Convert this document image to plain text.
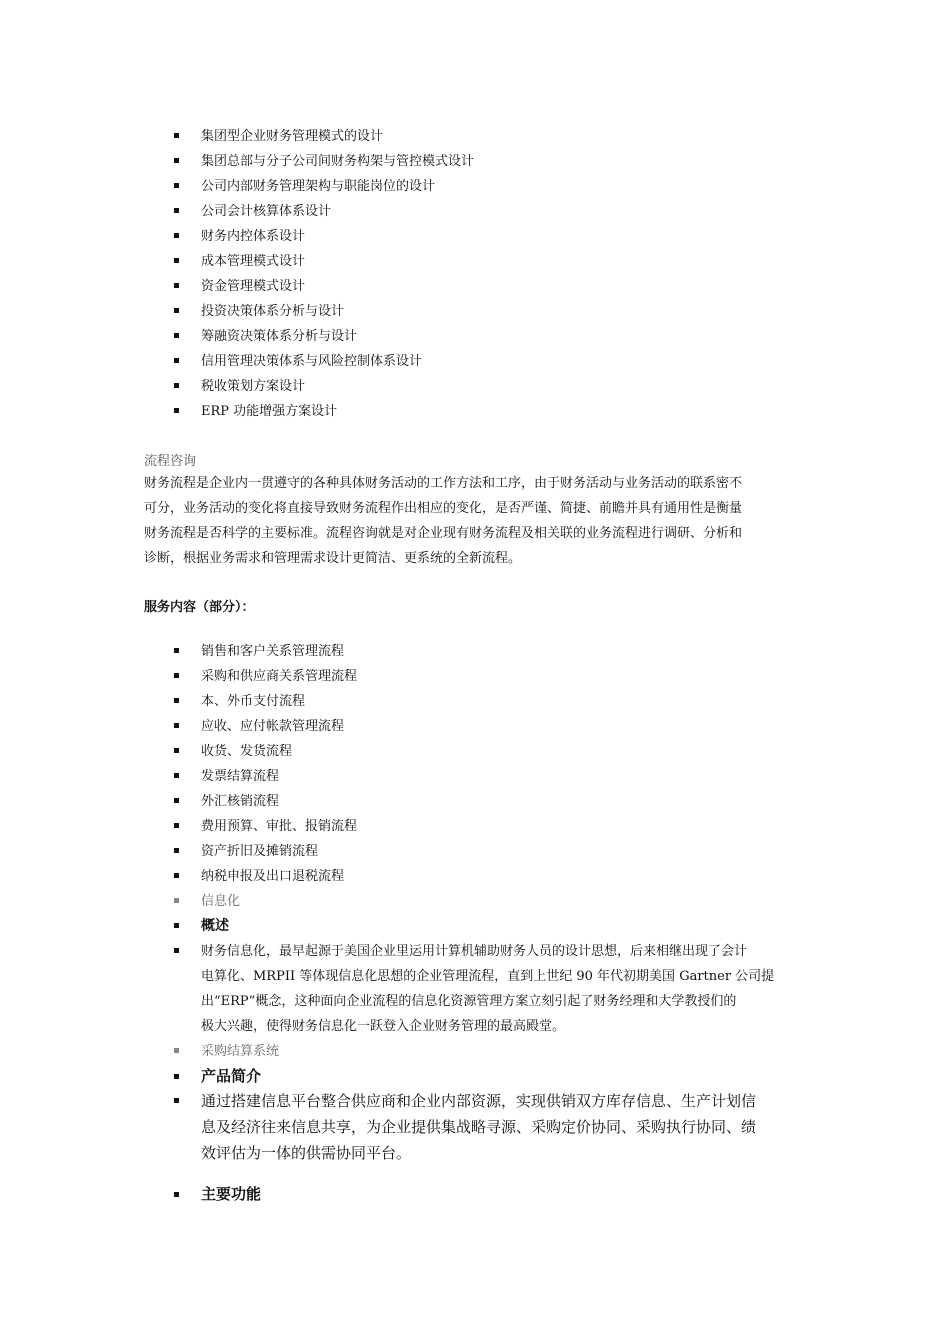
集团型企业财务管理模式的设计
集团总部与分子公司间财务构架与管控模式设计
公司内部财务管理架构与职能岗位的设计
公司会计核算体系设计
财务内控体系设计
成本管理模式设计
资金管理模式设计
投资决策体系分析与设计
筹融资决策体系分析与设计
信用管理决策体系与风险控制体系设计
税收策划方案设计
ERP 功能增强方案设计
流程咨询
财务流程是企业内一贯遵守的各种具体财务活动的工作方法和工序，由于财务活动与业务活动的联系密不
可分，业务活动的变化将直接导致财务流程作出相应的变化，是否严谨、简捷、前瞻并具有通用性是衡量
财务流程是否科学的主要标准。流程咨询就是对企业现有财务流程及相关联的业务流程进行调研、分析和
诊断，根据业务需求和管理需求设计更简洁、更系统的全新流程。
服务内容（部分）：
销售和客户关系管理流程
采购和供应商关系管理流程
本、外币支付流程
应收、应付帐款管理流程
收货、发货流程
发票结算流程
外汇核销流程
费用预算、审批、报销流程
资产折旧及摊销流程
纳税申报及出口退税流程
信息化
概述
财务信息化，最早起源于美国企业里运用计算机辅助财务人员的设计思想，后来相继出现了会计
电算化、MRPII 等体现信息化思想的企业管理流程，直到上世纪 90 年代初期美国 Gartner 公司提
出“ERP”概念，这种面向企业流程的信息化资源管理方案立刻引起了财务经理和大学教授们的
极大兴趣，使得财务信息化一跃登入企业财务管理的最高殿堂。
采购结算系统
产品简介
通过搭建信息平台整合供应商和企业内部资源，实现供销双方库存信息、生产计划信
息及经济往来信息共享，为企业提供集战略寻源、采购定价协同、采购执行协同、绩
效评估为一体的供需协同平台。
主要功能
